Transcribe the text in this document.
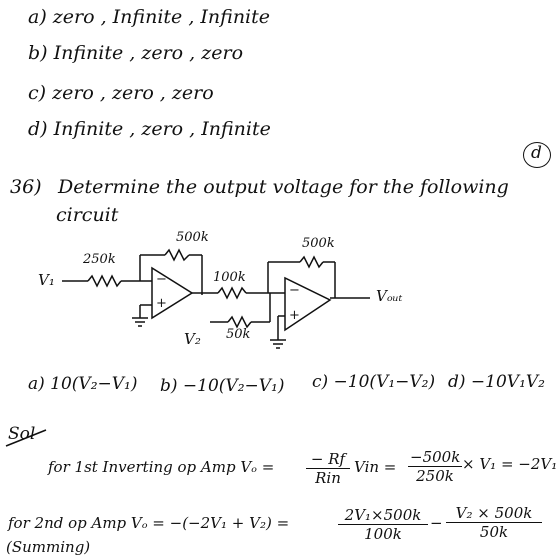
a) zero , Infinite , Infinite
b) Infinite , zero , zero
c) zero , zero , zero
d) Infinite , zero , Infinite
d
36) Determine the output voltage for the following
circuit
500k
250k
V₁	100k
500k
50k
V₂
Vₒᵤₜ
−
+
−
+
a) 10(V₂−V₁) b) −10(V₂−V₁) c) −10(V₁−V₂) d) −10V₁V₂
Sol
for 1st Inverting op Amp Vₒ =	− Rf
Rin
Vin = $\frac{-500k}{250k} \times V_1 = -2V_1$
for 2nd op Amp Vₒ = −(−2V₁ + V₂) =	$\frac{\text{2V₁×500k}}{100k} - \frac{\text{V₂ × 500k}}{50k}$
(Summing)
